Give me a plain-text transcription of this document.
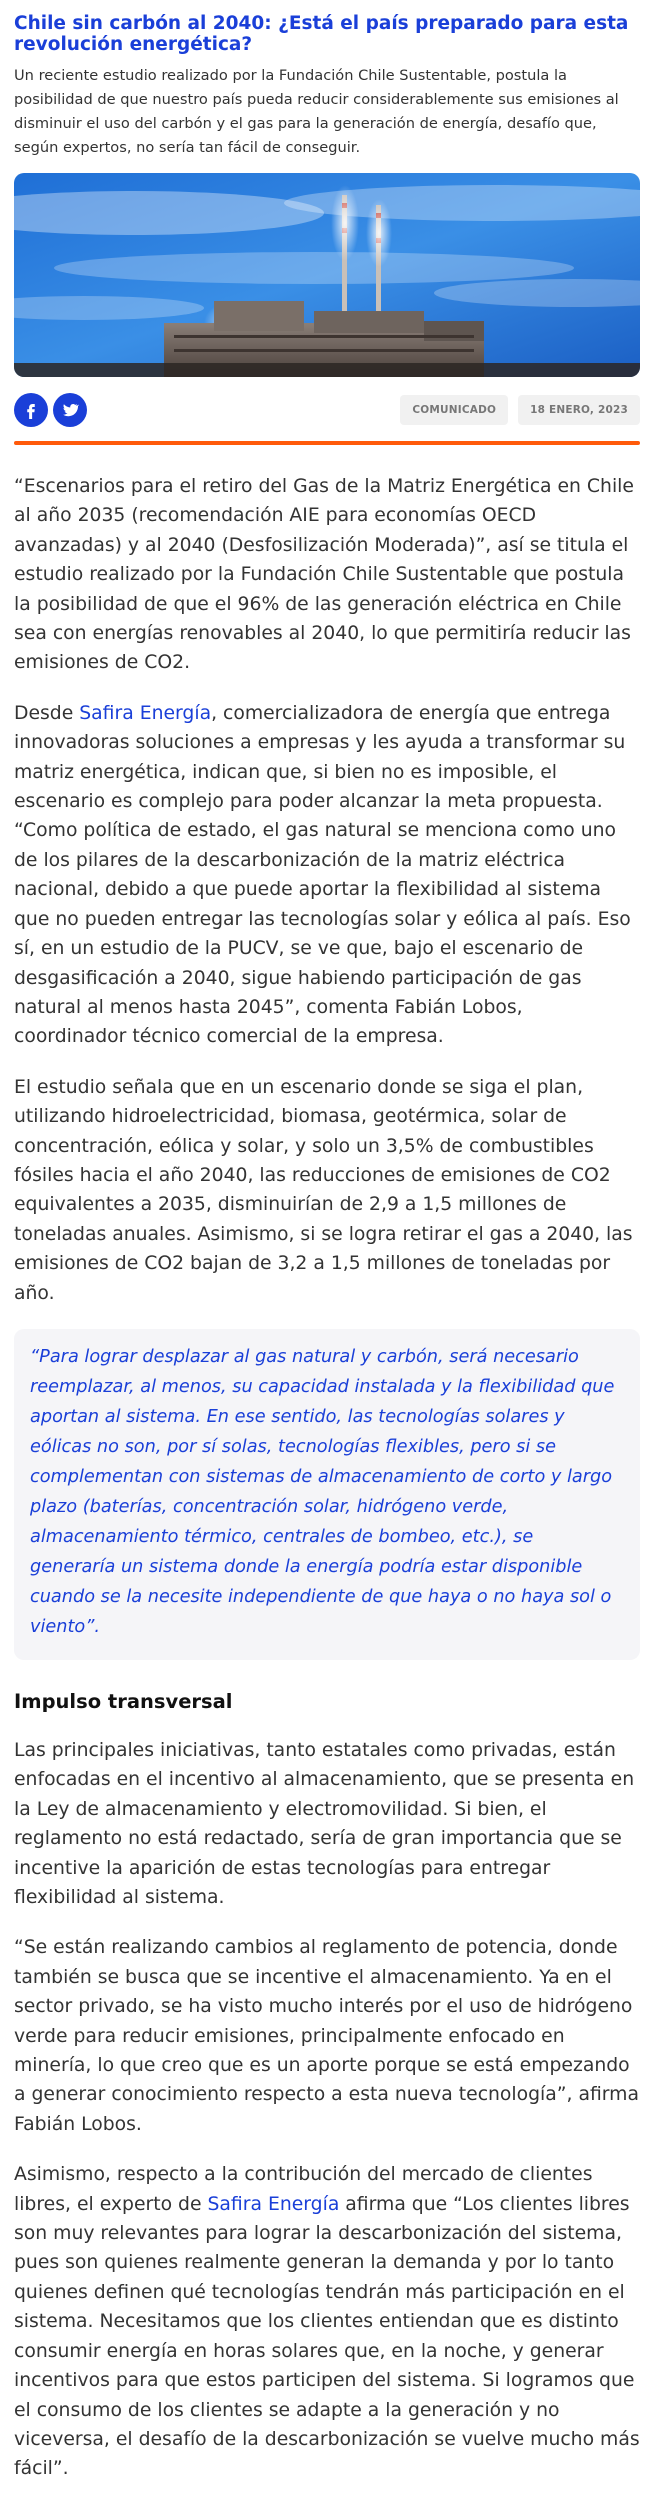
Chile sin carbón al 2040: ¿Está el país preparado para esta revolución energética?

Un reciente estudio realizado por la Fundación Chile Sustentable, postula la posibilidad de que nuestro país pueda reducir considerablemente sus emisiones al disminuir el uso del carbón y el gas para la generación de energía, desafío que, según expertos, no sería tan fácil de conseguir.

COMUNICADO	18 ENERO, 2023

“Escenarios para el retiro del Gas de la Matriz Energética en Chile al año 2035 (recomendación AIE para economías OECD avanzadas) y al 2040 (Desfosilización Moderada)”, así se titula el estudio realizado por la Fundación Chile Sustentable que postula la posibilidad de que el 96% de las generación eléctrica en Chile sea con energías renovables al 2040, lo que permitiría reducir las emisiones de CO2.

Desde Safira Energía, comercializadora de energía que entrega innovadoras soluciones a empresas y les ayuda a transformar su matriz energética, indican que, si bien no es imposible, el escenario es complejo para poder alcanzar la meta propuesta. “Como política de estado, el gas natural se menciona como uno de los pilares de la descarbonización de la matriz eléctrica nacional, debido a que puede aportar la flexibilidad al sistema que no pueden entregar las tecnologías solar y eólica al país. Eso sí, en un estudio de la PUCV, se ve que, bajo el escenario de desgasificación a 2040, sigue habiendo participación de gas natural al menos hasta 2045”, comenta Fabián Lobos, coordinador técnico comercial de la empresa.

El estudio señala que en un escenario donde se siga el plan, utilizando hidroelectricidad, biomasa, geotérmica, solar de concentración, eólica y solar, y solo un 3,5% de combustibles fósiles hacia el año 2040, las reducciones de emisiones de CO2 equivalentes a 2035, disminuirían de 2,9 a 1,5 millones de toneladas anuales. Asimismo, si se logra retirar el gas a 2040, las emisiones de CO2 bajan de 3,2 a 1,5 millones de toneladas por año.

“Para lograr desplazar al gas natural y carbón, será necesario reemplazar, al menos, su capacidad instalada y la flexibilidad que aportan al sistema. En ese sentido, las tecnologías solares y eólicas no son, por sí solas, tecnologías flexibles, pero si se complementan con sistemas de almacenamiento de corto y largo plazo (baterías, concentración solar, hidrógeno verde, almacenamiento térmico, centrales de bombeo, etc.), se generaría un sistema donde la energía podría estar disponible cuando se la necesite independiente de que haya o no haya sol o viento”.

Impulso transversal

Las principales iniciativas, tanto estatales como privadas, están enfocadas en el incentivo al almacenamiento, que se presenta en la Ley de almacenamiento y electromovilidad. Si bien, el reglamento no está redactado, sería de gran importancia que se incentive la aparición de estas tecnologías para entregar flexibilidad al sistema.

“Se están realizando cambios al reglamento de potencia, donde también se busca que se incentive el almacenamiento. Ya en el sector privado, se ha visto mucho interés por el uso de hidrógeno verde para reducir emisiones, principalmente enfocado en minería, lo que creo que es un aporte porque se está empezando a generar conocimiento respecto a esta nueva tecnología”, afirma Fabián Lobos.

Asimismo, respecto a la contribución del mercado de clientes libres, el experto de Safira Energía afirma que “Los clientes libres son muy relevantes para lograr la descarbonización del sistema, pues son quienes realmente generan la demanda y por lo tanto quienes definen qué tecnologías tendrán más participación en el sistema. Necesitamos que los clientes entiendan que es distinto consumir energía en horas solares que, en la noche, y generar incentivos para que estos participen del sistema. Si logramos que el consumo de los clientes se adapte a la generación y no viceversa, el desafío de la descarbonización se vuelve mucho más fácil”.
